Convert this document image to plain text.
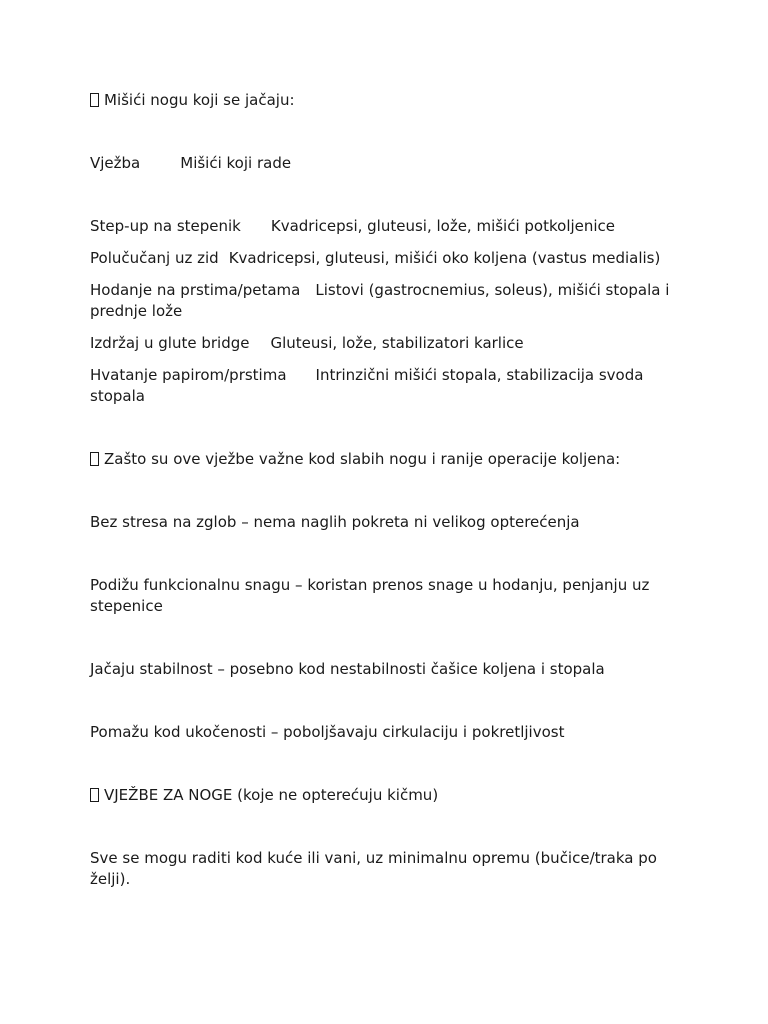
Mišići nogu koji se jačaju:

Vježba	Mišići koji rade

Step-up na stepenik Kvadricepsi, gluteusi, lože, mišići potkoljenice

Polučučanj uz zid Kvadricepsi, gluteusi, mišići oko koljena (vastus medialis)

Hodanje na prstima/petama Listovi (gastrocnemius, soleus), mišići stopala i prednje lože

Izdržaj u glute bridge Gluteusi, lože, stabilizatori karlice

Hvatanje papirom/prstima Intrinzični mišići stopala, stabilizacija svoda stopala

Zašto su ove vježbe važne kod slabih nogu i ranije operacije koljena:

Bez stresa na zglob – nema naglih pokreta ni velikog opterećenja

Podižu funkcionalnu snagu – koristan prenos snage u hodanju, penjanju uz stepenice

Jačaju stabilnost – posebno kod nestabilnosti čašice koljena i stopala

Pomažu kod ukočenosti – poboljšavaju cirkulaciju i pokretljivost

VJEŽBE ZA NOGE (koje ne opterećuju kičmu)

Sve se mogu raditi kod kuće ili vani, uz minimalnu opremu (bučice/traka po želji).
